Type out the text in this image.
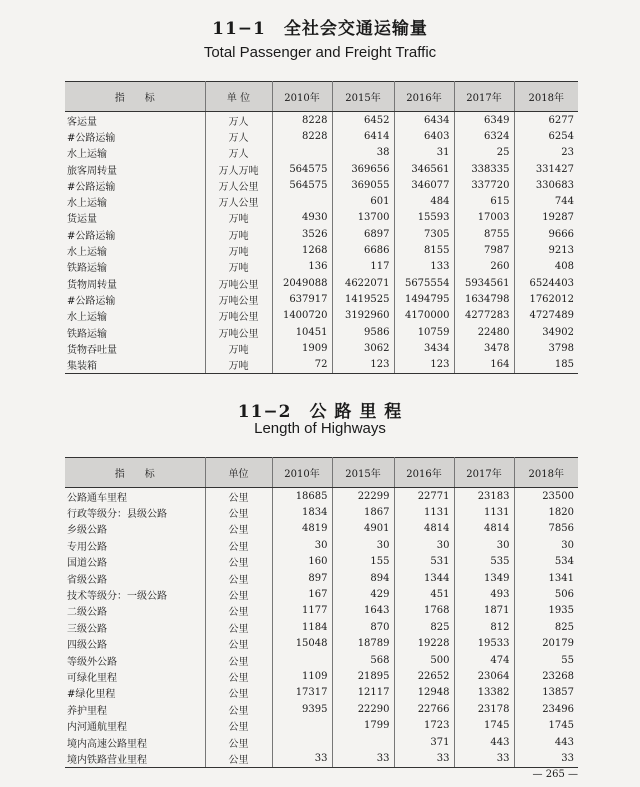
11−1　全社会交通运输量
Total Passenger and Freight Traffic
指　　标	单 位	2010年	2015年	2016年	2017年	2018年
客运量	万人	8228	6452	6434	6349	6277
#公路运输	万人	8228	6414	6403	6324	6254
水上运输	万人		38	31	25	23
旅客周转量	万人万吨	564575	369656	346561	338335	331427
#公路运输	万人公里	564575	369055	346077	337720	330683
水上运输	万人公里		601	484	615	744
货运量	万吨	4930	13700	15593	17003	19287
#公路运输	万吨	3526	6897	7305	8755	9666
水上运输	万吨	1268	6686	8155	7987	9213
铁路运输	万吨	136	117	133	260	408
货物周转量	万吨公里	2049088	4622071	5675554	5934561	6524403
#公路运输	万吨公里	637917	1419525	1494795	1634798	1762012
水上运输	万吨公里	1400720	3192960	4170000	4277283	4727489
铁路运输	万吨公里	10451	9586	10759	22480	34902
货物吞吐量	万吨	1909	3062	3434	3478	3798
集装箱	万吨	72	123	123	164	185
11−2　公 路 里 程
Length of Highways
指　　标	单位	2010年	2015年	2016年	2017年	2018年
公路通车里程	公里	18685	22299	22771	23183	23500
行政等级分：县级公路	公里	1834	1867	1131	1131	1820
乡级公路	公里	4819	4901	4814	4814	7856
专用公路	公里	30	30	30	30	30
国道公路	公里	160	155	531	535	534
省级公路	公里	897	894	1344	1349	1341
技术等级分：一级公路	公里	167	429	451	493	506
二级公路	公里	1177	1643	1768	1871	1935
三级公路	公里	1184	870	825	812	825
四级公路	公里	15048	18789	19228	19533	20179
等级外公路	公里		568	500	474	55
可绿化里程	公里	1109	21895	22652	23064	23268
#绿化里程	公里	17317	12117	12948	13382	13857
养护里程	公里	9395	22290	22766	23178	23496
内河通航里程	公里		1799	1723	1745	1745
境内高速公路里程	公里			371	443	443
境内铁路营业里程	公里	33	33	33	33	33
— 265 —
